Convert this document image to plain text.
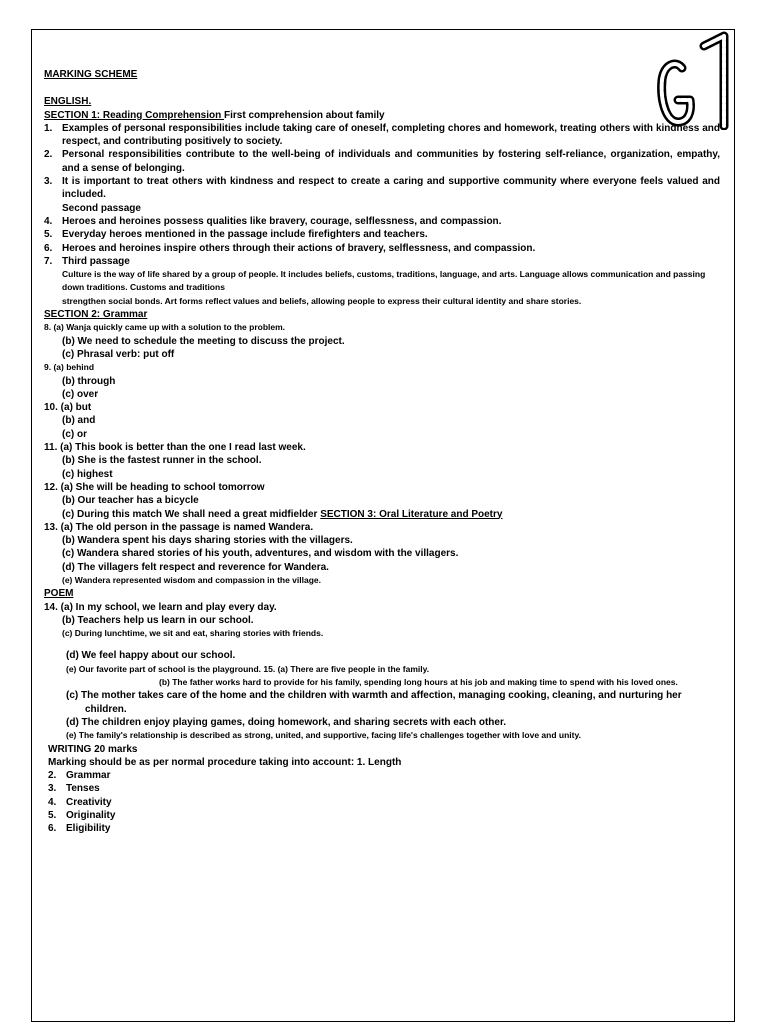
MARKING SCHEME
ENGLISH.
SECTION 1: Reading Comprehension First comprehension about family
1. Examples of personal responsibilities include taking care of oneself, completing chores and homework, treating others with kindness and respect, and contributing positively to society.
2. Personal responsibilities contribute to the well-being of individuals and communities by fostering self-reliance, organization, empathy, and a sense of belonging.
3. It is important to treat others with kindness and respect to create a caring and supportive community where everyone feels valued and included.
Second passage
4. Heroes and heroines possess qualities like bravery, courage, selflessness, and compassion.
5. Everyday heroes mentioned in the passage include firefighters and teachers.
6. Heroes and heroines inspire others through their actions of bravery, selflessness, and compassion.
7. Third passage
Culture is the way of life shared by a group of people. It includes beliefs, customs, traditions, language, and arts. Language allows communication and passing down traditions. Customs and traditions
strengthen social bonds. Art forms reflect values and beliefs, allowing people to express their cultural identity and share stories.
SECTION 2: Grammar
8. (a) Wanja quickly came up with a solution to the problem.
(b) We need to schedule the meeting to discuss the project.
(c) Phrasal verb: put off
9. (a) behind
(b) through
(c) over
10. (a) but
(b) and
(c) or
11. (a) This book is better than the one I read last week.
(b) She is the fastest runner in the school.
(c) highest
12. (a) She will be heading to school tomorrow
(b) Our teacher has a bicycle
(c) During this match We shall need a great midfielder SECTION 3: Oral Literature and Poetry
13. (a) The old person in the passage is named Wandera.
(b) Wandera spent his days sharing stories with the villagers.
(c) Wandera shared stories of his youth, adventures, and wisdom with the villagers.
(d) The villagers felt respect and reverence for Wandera.
(e) Wandera represented wisdom and compassion in the village.
POEM
14. (a) In my school, we learn and play every day.
(b) Teachers help us learn in our school.
(c) During lunchtime, we sit and eat, sharing stories with friends.
(d) We feel happy about our school.
(e) Our favorite part of school is the playground. 15. (a) There are five people in the family.
(b) The father works hard to provide for his family, spending long hours at his job and making time to spend with his loved ones.
(c) The mother takes care of the home and the children with warmth and affection, managing cooking, cleaning, and nurturing her children.
(d) The children enjoy playing games, doing homework, and sharing secrets with each other.
(e) The family's relationship is described as strong, united, and supportive, facing life's challenges together with love and unity.
WRITING 20 marks
Marking should be as per normal procedure taking into account: 1. Length
2. Grammar
3. Tenses
4. Creativity
5. Originality
6. Eligibility
